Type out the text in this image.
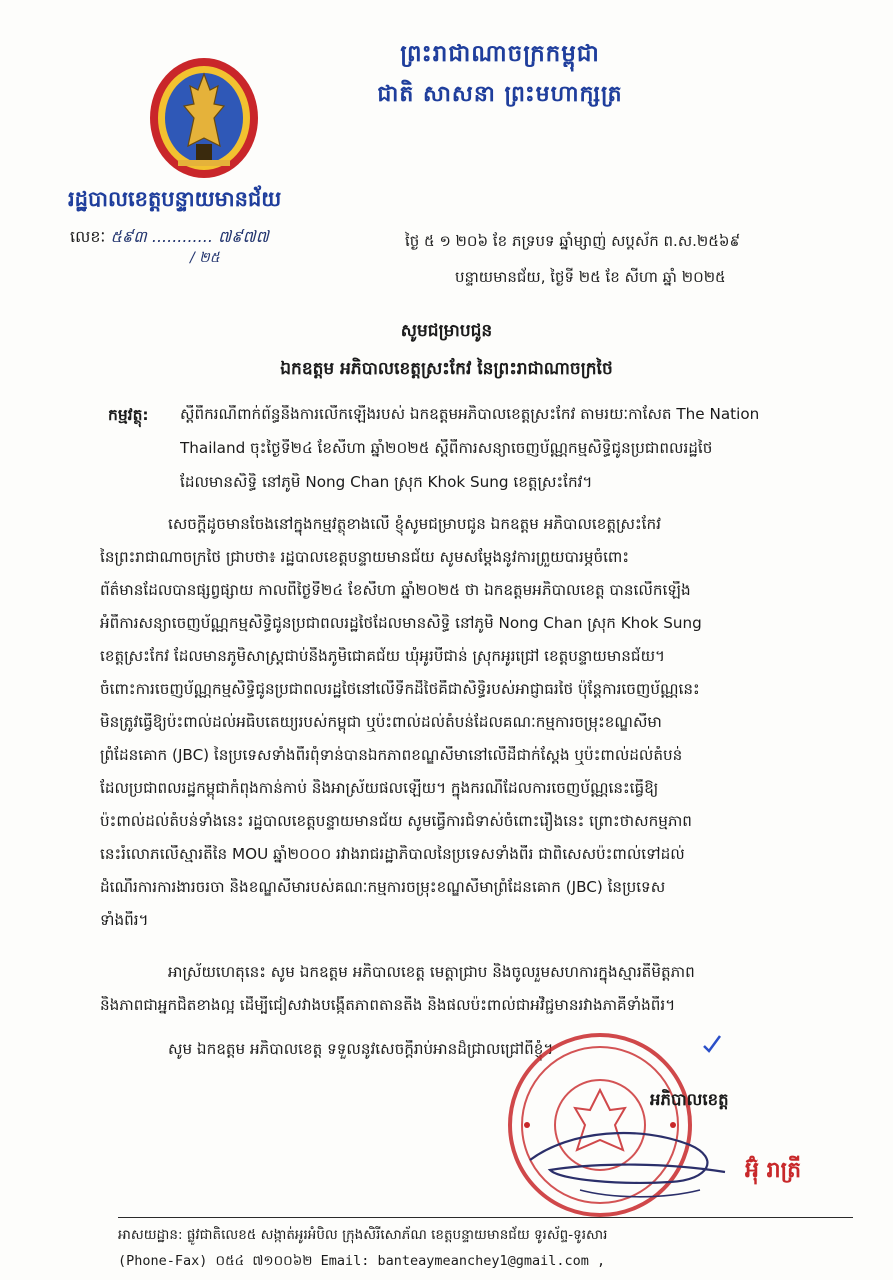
ព្រះរាជាណាចក្រកម្ពុជា
ជាតិ សាសនា ព្រះមហាក្សត្រ
រដ្ឋបាលខេត្តបន្ទាយមានជ័យ
លេខៈ ៥៩៣ ............ ៧៩៧៧
/ ២៥
ថ្ងៃ ៥ ១ ២០៦ ខែ ភទ្របទ ឆ្នាំម្សាញ់ សប្តស័ក ព.ស.២៥៦៩
បន្ទាយមានជ័យ, ថ្ងៃទី ២៥ ខែ សីហា ឆ្នាំ ២០២៥
សូមជម្រាបជូន
ឯកឧត្តម អភិបាលខេត្តស្រះកែវ នៃព្រះរាជាណាចក្រថៃ
កម្មវត្ថុ: ស្តីពីករណីពាក់ព័ន្ធនឹងការលើកឡើងរបស់ ឯកឧត្តមអភិបាលខេត្តស្រះកែវ តាមរយៈកាសែត The Nation
Thailand ចុះថ្ងៃទី២៤ ខែសីហា ឆ្នាំ២០២៥ ស្តីពីការសន្យាចេញប័ណ្ណកម្មសិទ្ធិជូនប្រជាពលរដ្ឋថៃ
ដែលមានសិទ្ធិ នៅភូមិ Nong Chan ស្រុក Khok Sung ខេត្តស្រះកែវ។
សេចក្តីដូចមានចែងនៅក្នុងកម្មវត្ថុខាងលើ ខ្ញុំសូមជម្រាបជូន ឯកឧត្តម អភិបាលខេត្តស្រះកែវ
នៃព្រះរាជាណាចក្រថៃ ជ្រាបថា៖ រដ្ឋបាលខេត្តបន្ទាយមានជ័យ សូមសម្តែងនូវការព្រួយបារម្ភចំពោះ
ព័ត៌មានដែលបានផ្សព្វផ្សាយ កាលពីថ្ងៃទី២៤ ខែសីហា ឆ្នាំ២០២៥ ថា ឯកឧត្តមអភិបាលខេត្ត បានលើកឡើង
អំពីការសន្យាចេញប័ណ្ណកម្មសិទ្ធិជូនប្រជាពលរដ្ឋថៃដែលមានសិទ្ធិ នៅភូមិ Nong Chan ស្រុក Khok Sung
ខេត្តស្រះកែវ ដែលមានភូមិសាស្ត្រជាប់នឹងភូមិជោគជ័យ ឃុំអូរបីជាន់ ស្រុកអូរជ្រៅ ខេត្តបន្ទាយមានជ័យ។
ចំពោះការចេញប័ណ្ណកម្មសិទ្ធិជូនប្រជាពលរដ្ឋថៃនៅលើទឹកដីថៃគឺជាសិទ្ធិរបស់អាជ្ញាធរថៃ ប៉ុន្តែការចេញប័ណ្ណនេះ
មិនត្រូវធ្វើឱ្យប៉ះពាល់ដល់អធិបតេយ្យរបស់កម្ពុជា ឬប៉ះពាល់ដល់តំបន់ដែលគណៈកម្មការចម្រុះខណ្ឌសីមា
ព្រំដែនគោក (JBC) នៃប្រទេសទាំងពីរពុំទាន់បានឯកភាពខណ្ឌសីមានៅលើដីជាក់ស្តែង ឬប៉ះពាល់ដល់តំបន់
ដែលប្រជាពលរដ្ឋកម្ពុជាកំពុងកាន់កាប់ និងអាស្រ័យផលឡើយ។ ក្នុងករណីដែលការចេញប័ណ្ណនេះធ្វើឱ្យ
ប៉ះពាល់ដល់តំបន់ទាំងនេះ រដ្ឋបាលខេត្តបន្ទាយមានជ័យ សូមធ្វើការជំទាស់ចំពោះរឿងនេះ ព្រោះថាសកម្មភាព
នេះរំលោភលើស្មារតីនៃ MOU ឆ្នាំ២០០០ រវាងរាជរដ្ឋាភិបាលនៃប្រទេសទាំងពីរ ជាពិសេសប៉ះពាល់ទៅដល់
ដំណើរការការងារចរចា និងខណ្ឌសីមារបស់គណៈកម្មការចម្រុះខណ្ឌសីមាព្រំដែនគោក (JBC) នៃប្រទេស
ទាំងពីរ។
អាស្រ័យហេតុនេះ សូម ឯកឧត្តម អភិបាលខេត្ត មេត្តាជ្រាប និងចូលរួមសហការក្នុងស្មារតីមិត្តភាព
និងភាពជាអ្នកជិតខាងល្អ ដើម្បីជៀសវាងបង្កើតភាពតានតឹង និងផលប៉ះពាល់ជាអវិជ្ជមានរវាងភាគីទាំងពីរ។
សូម ឯកឧត្តម អភិបាលខេត្ត ទទួលនូវសេចក្តីរាប់អានដ៏ជ្រាលជ្រៅពីខ្ញុំ។
អភិបាលខេត្ត
អ៊ុំ រាត្រី
អាសយដ្ឋាន: ផ្លូវជាតិលេខ៥ សង្កាត់អូរអំបិល ក្រុងសិរីសោភ័ណ ខេត្តបន្ទាយមានជ័យ ទូរស័ព្ទ-ទូរសារ
(Phone-Fax) ០៥៤ ៧១០០៦២ Email: banteaymeanchey1@gmail.com ,
